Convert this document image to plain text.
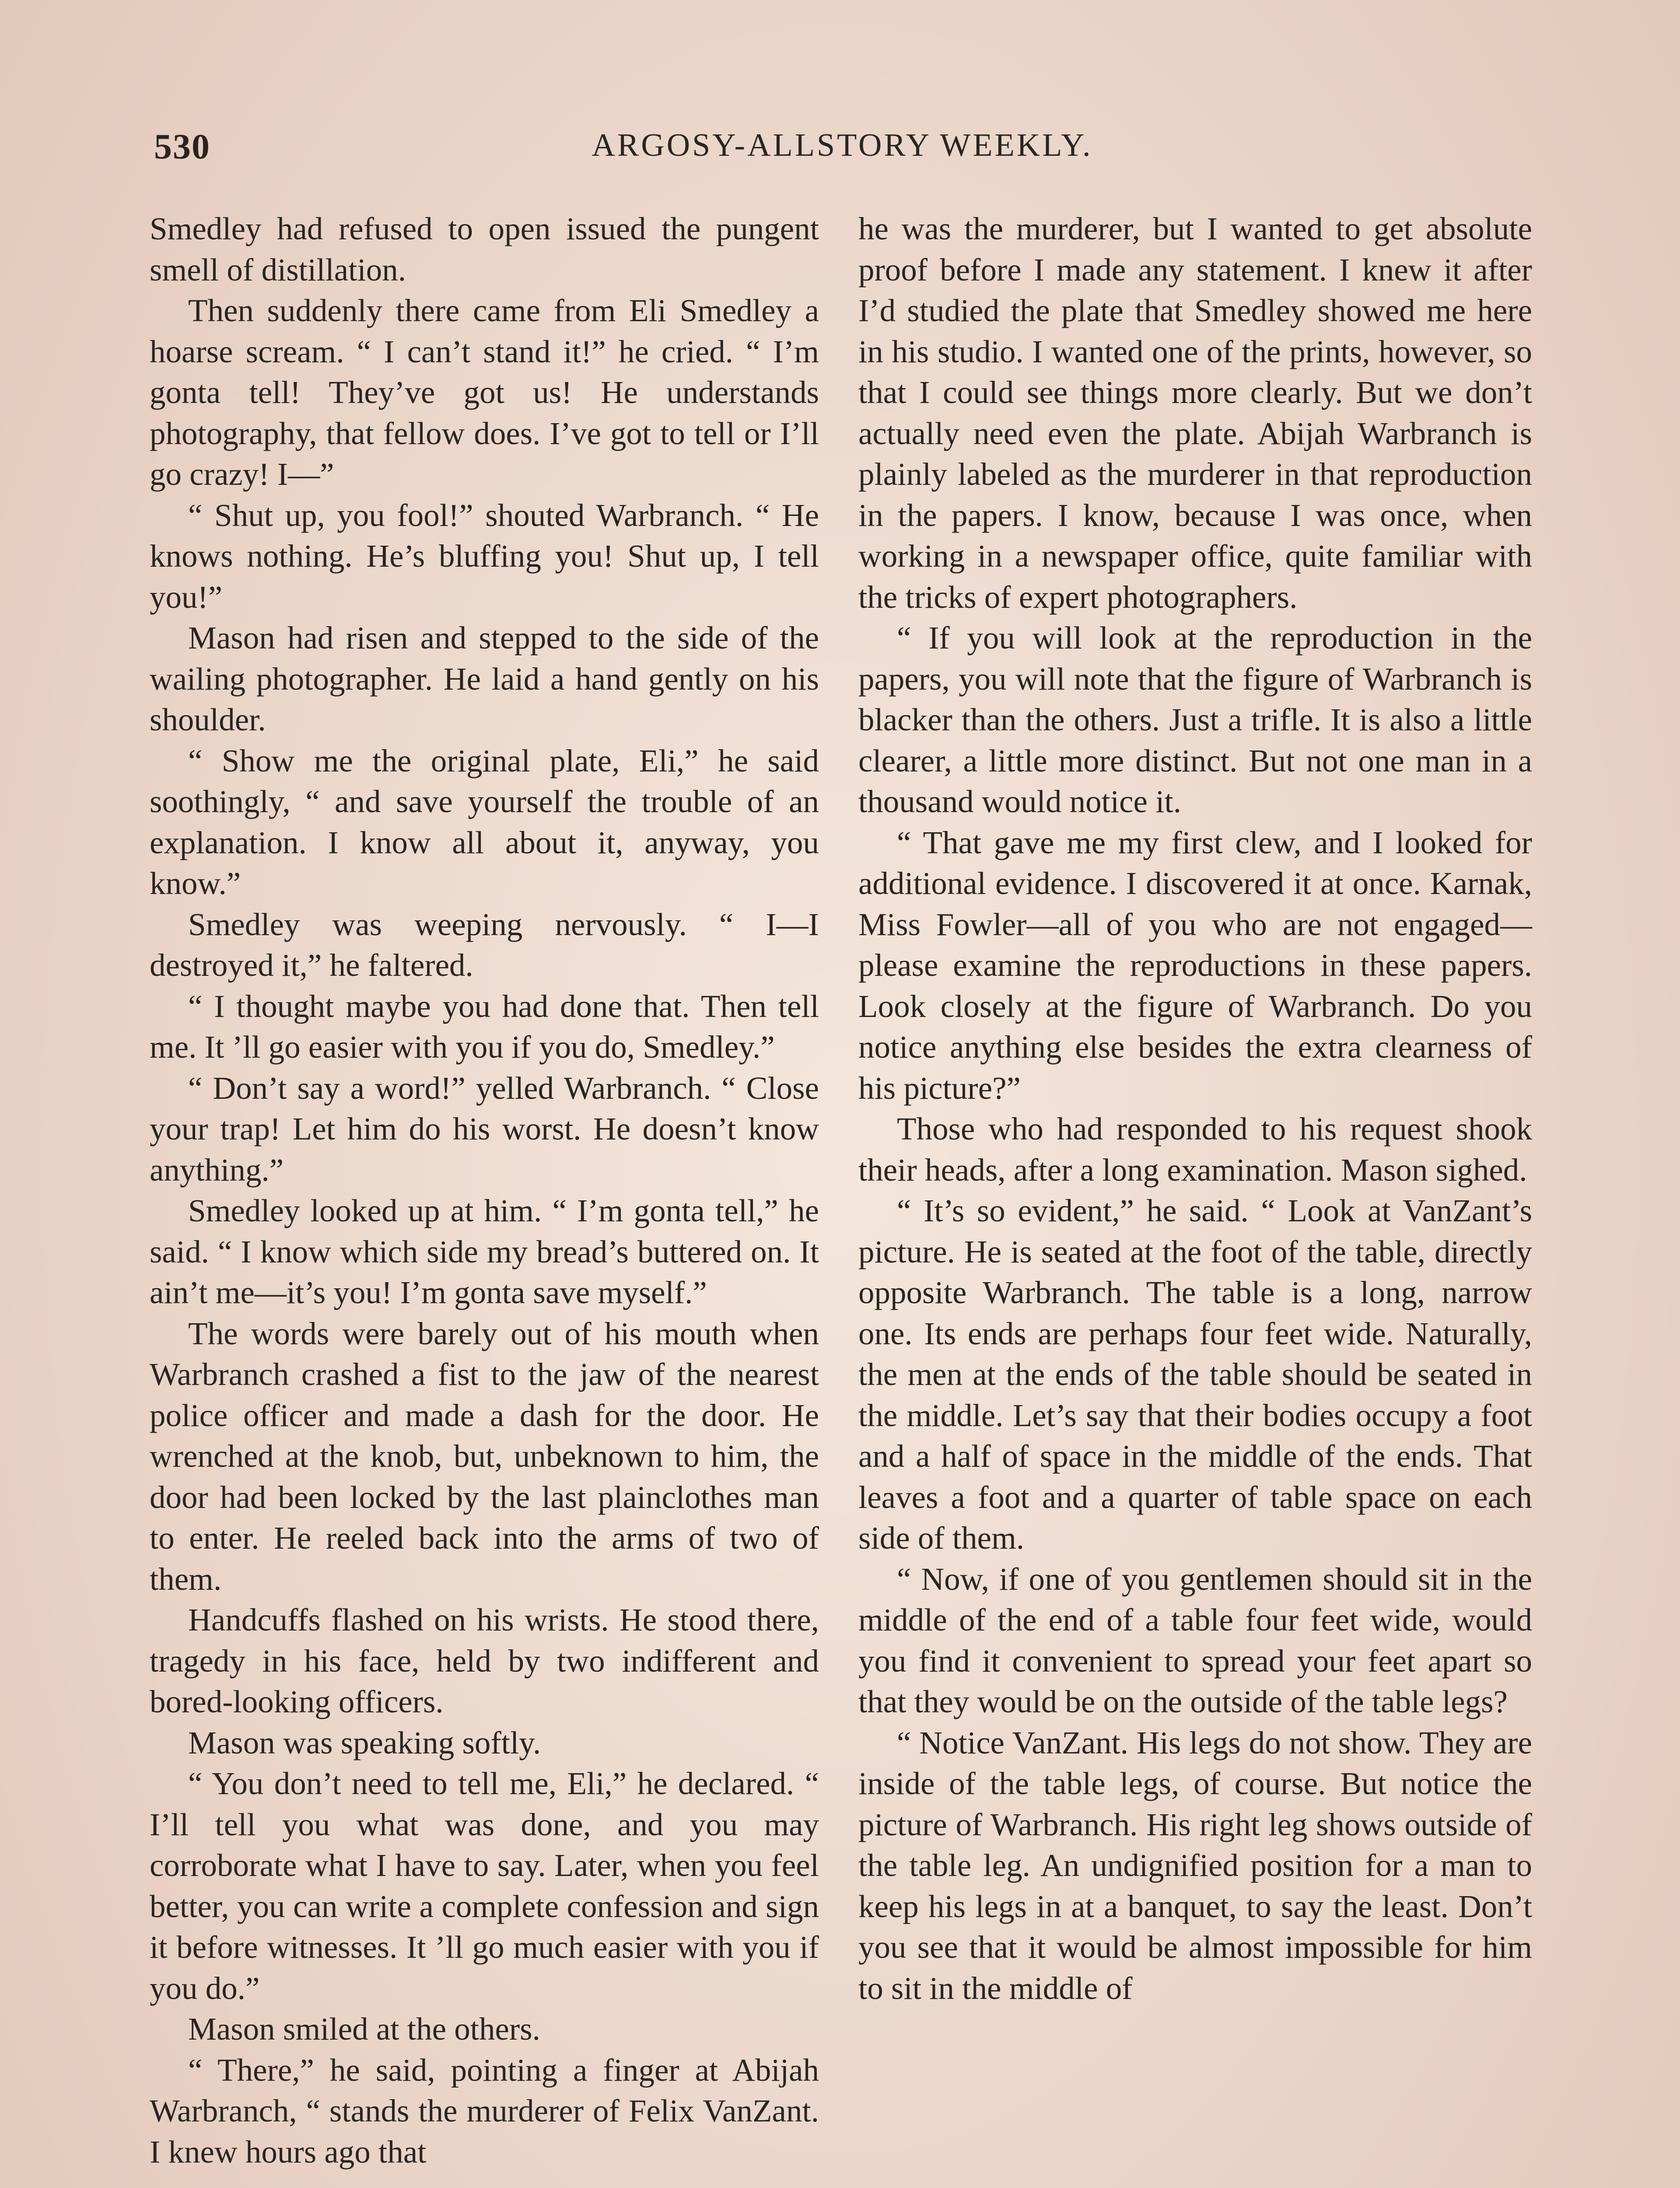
530	ARGOSY-ALLSTORY WEEKLY.

Smedley had refused to open issued the pungent smell of distillation.

Then suddenly there came from Eli Smedley a hoarse scream. “ I can’t stand it!” he cried. “ I’m gonta tell! They’ve got us! He understands photography, that fellow does. I’ve got to tell or I’ll go crazy! I—”

“ Shut up, you fool!” shouted Warbranch. “ He knows nothing. He’s bluffing you! Shut up, I tell you!”

Mason had risen and stepped to the side of the wailing photographer. He laid a hand gently on his shoulder.

“ Show me the original plate, Eli,” he said soothingly, “ and save yourself the trouble of an explanation. I know all about it, anyway, you know.”

Smedley was weeping nervously. “ I—I destroyed it,” he faltered.

“ I thought maybe you had done that. Then tell me. It ’ll go easier with you if you do, Smedley.”

“ Don’t say a word!” yelled Warbranch. “ Close your trap! Let him do his worst. He doesn’t know anything.”

Smedley looked up at him. “ I’m gonta tell,” he said. “ I know which side my bread’s buttered on. It ain’t me—it’s you! I’m gonta save myself.”

The words were barely out of his mouth when Warbranch crashed a fist to the jaw of the nearest police officer and made a dash for the door. He wrenched at the knob, but, unbeknown to him, the door had been locked by the last plainclothes man to enter. He reeled back into the arms of two of them.

Handcuffs flashed on his wrists. He stood there, tragedy in his face, held by two indifferent and bored-looking officers.

Mason was speaking softly.

“ You don’t need to tell me, Eli,” he declared. “ I’ll tell you what was done, and you may corroborate what I have to say. Later, when you feel better, you can write a complete confession and sign it before witnesses. It ’ll go much easier with you if you do.”

Mason smiled at the others.

“ There,” he said, pointing a finger at Abijah Warbranch, “ stands the murderer of Felix VanZant. I knew hours ago that

he was the murderer, but I wanted to get absolute proof before I made any statement. I knew it after I’d studied the plate that Smedley showed me here in his studio. I wanted one of the prints, however, so that I could see things more clearly. But we don’t actually need even the plate. Abijah Warbranch is plainly labeled as the murderer in that reproduction in the papers. I know, because I was once, when working in a newspaper office, quite familiar with the tricks of expert photographers.

“ If you will look at the reproduction in the papers, you will note that the figure of Warbranch is blacker than the others. Just a trifle. It is also a little clearer, a little more distinct. But not one man in a thousand would notice it.

“ That gave me my first clew, and I looked for additional evidence. I discovered it at once. Karnak, Miss Fowler—all of you who are not engaged—please examine the reproductions in these papers. Look closely at the figure of Warbranch. Do you notice anything else besides the extra clearness of his picture?”

Those who had responded to his request shook their heads, after a long examination. Mason sighed.

“ It’s so evident,” he said. “ Look at VanZant’s picture. He is seated at the foot of the table, directly opposite Warbranch. The table is a long, narrow one. Its ends are perhaps four feet wide. Naturally, the men at the ends of the table should be seated in the middle. Let’s say that their bodies occupy a foot and a half of space in the middle of the ends. That leaves a foot and a quarter of table space on each side of them.

“ Now, if one of you gentlemen should sit in the middle of the end of a table four feet wide, would you find it convenient to spread your feet apart so that they would be on the outside of the table legs?

“ Notice VanZant. His legs do not show. They are inside of the table legs, of course. But notice the picture of Warbranch. His right leg shows outside of the table leg. An undignified position for a man to keep his legs in at a banquet, to say the least. Don’t you see that it would be almost impossible for him to sit in the middle of
